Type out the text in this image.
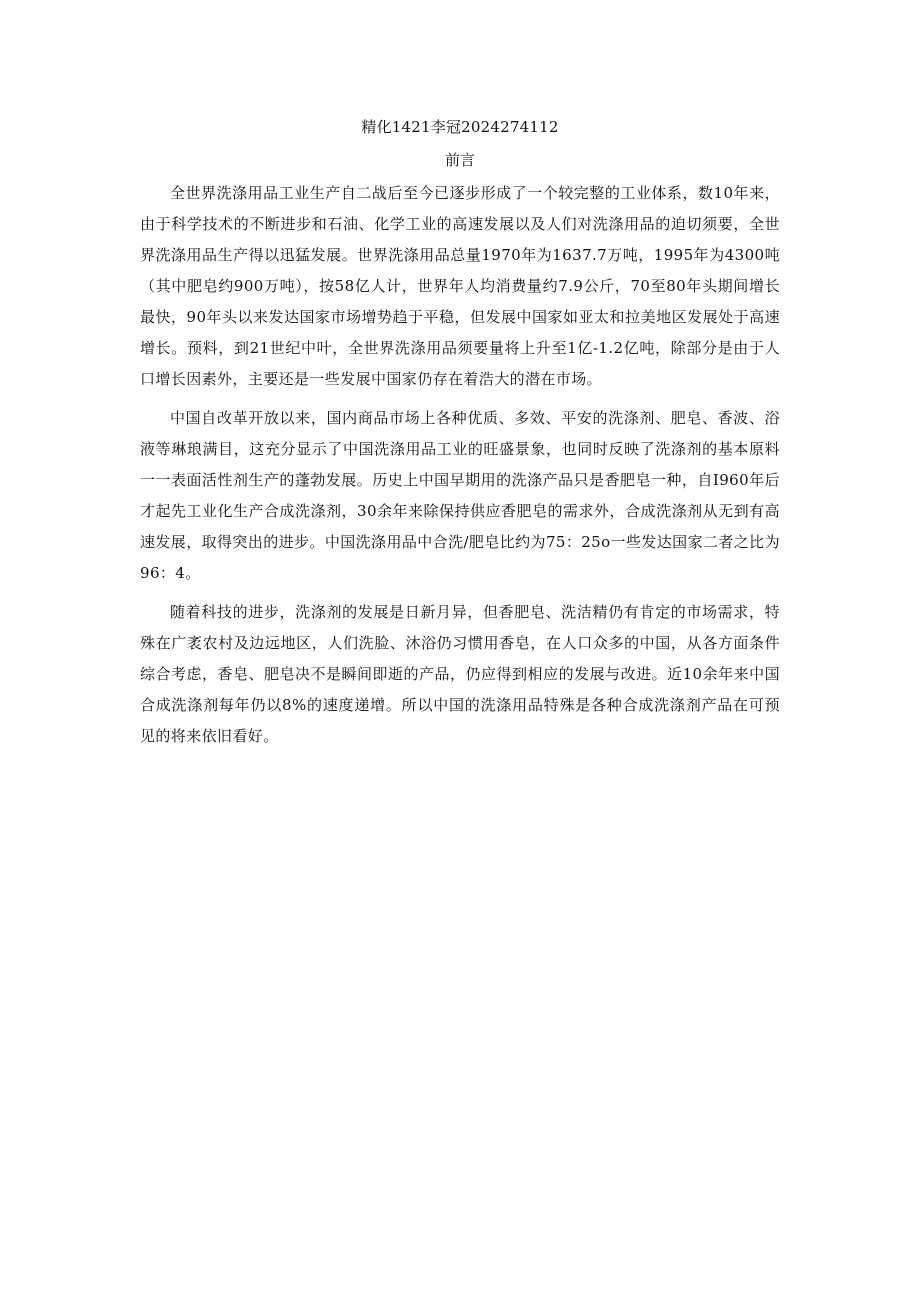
精化1421李冠2024274112
前言

全世界洗涤用品工业生产自二战后至今已逐步形成了一个较完整的工业体系，数10年来，由于科学技术的不断进步和石油、化学工业的高速发展以及人们对洗涤用品的迫切须要，全世界洗涤用品生产得以迅猛发展。世界洗涤用品总量1970年为1637.7万吨，1995年为4300吨（其中肥皂约900万吨），按58亿人计，世界年人均消费量约7.9公斤，70至80年头期间增长最快，90年头以来发达国家市场增势趋于平稳，但发展中国家如亚太和拉美地区发展处于高速增长。预料，到21世纪中叶，全世界洗涤用品须要量将上升至1亿-1.2亿吨，除部分是由于人口增长因素外，主要还是一些发展中国家仍存在着浩大的潜在市场。

中国自改革开放以来，国内商品市场上各种优质、多效、平安的洗涤剂、肥皂、香波、浴液等琳琅满目，这充分显示了中国洗涤用品工业的旺盛景象，也同时反映了洗涤剂的基本原料一一表面活性剂生产的蓬勃发展。历史上中国早期用的洗涤产品只是香肥皂一种，自I960年后才起先工业化生产合成洗涤剂，30余年来除保持供应香肥皂的需求外，合成洗涤剂从无到有高速发展，取得突出的进步。中国洗涤用品中合洗/肥皂比约为75：25o一些发达国家二者之比为96：4。

随着科技的进步，洗涤剂的发展是日新月异，但香肥皂、洗洁精仍有肯定的市场需求，特殊在广袤农村及边远地区，人们洗脸、沐浴仍习惯用香皂，在人口众多的中国，从各方面条件综合考虑，香皂、肥皂决不是瞬间即逝的产品，仍应得到相应的发展与改进。近10余年来中国合成洗涤剂每年仍以8%的速度递增。所以中国的洗涤用品特殊是各种合成洗涤剂产品在可预见的将来依旧看好。
